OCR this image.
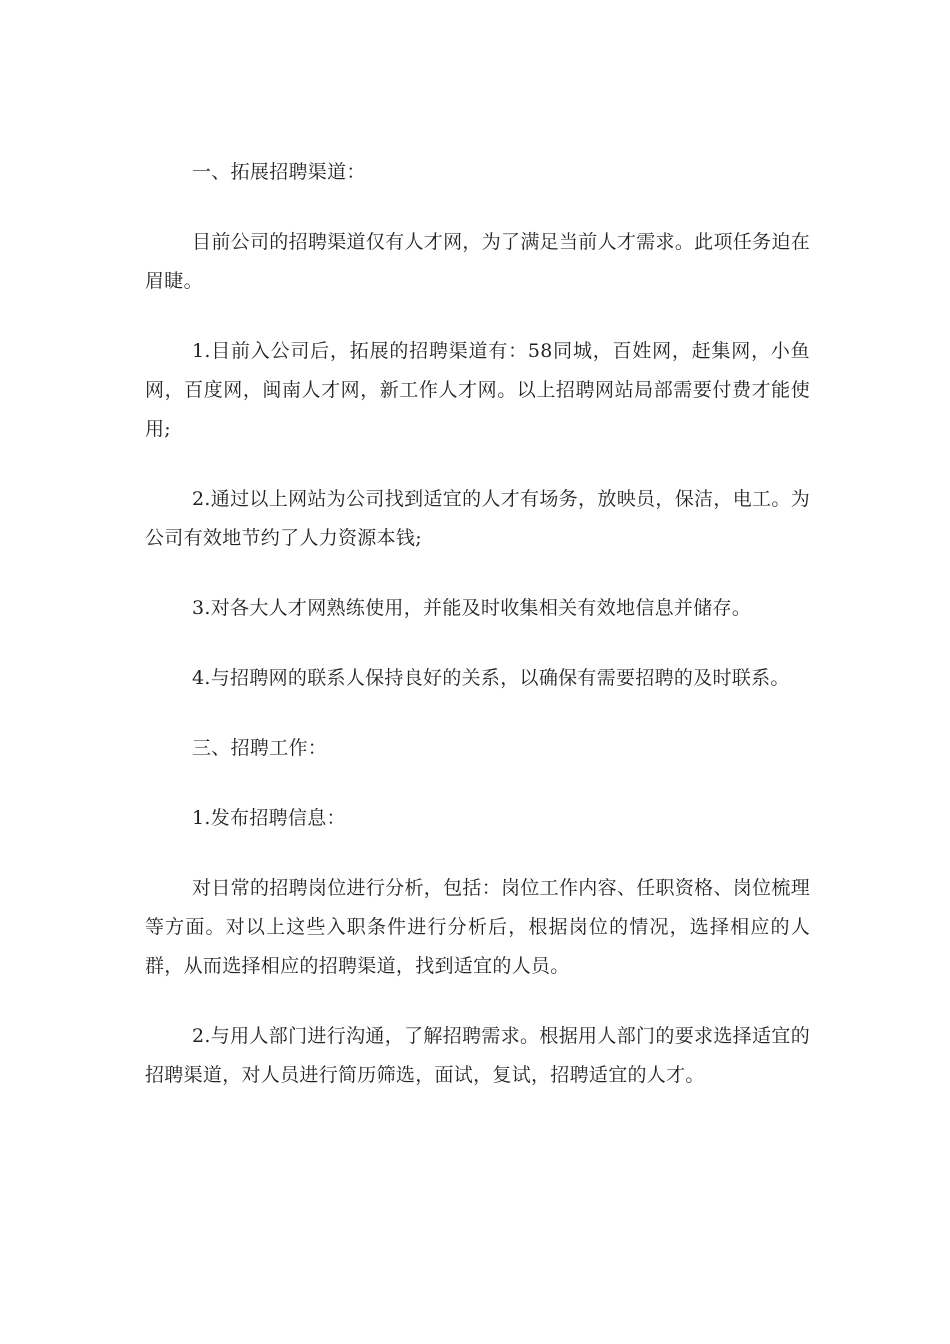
一、拓展招聘渠道：

目前公司的招聘渠道仅有人才网，为了满足当前人才需求。此项任务迫在眉睫。

1.目前入公司后，拓展的招聘渠道有：58同城，百姓网，赶集网，小鱼网，百度网，闽南人才网，新工作人才网。以上招聘网站局部需要付费才能使用;

2.通过以上网站为公司找到适宜的人才有场务，放映员，保洁，电工。为公司有效地节约了人力资源本钱;

3.对各大人才网熟练使用，并能及时收集相关有效地信息并储存。

4.与招聘网的联系人保持良好的关系，以确保有需要招聘的及时联系。

三、招聘工作：

1.发布招聘信息：

对日常的招聘岗位进行分析，包括：岗位工作内容、任职资格、岗位梳理等方面。对以上这些入职条件进行分析后，根据岗位的情况，选择相应的人群，从而选择相应的招聘渠道，找到适宜的人员。

2.与用人部门进行沟通，了解招聘需求。根据用人部门的要求选择适宜的招聘渠道，对人员进行简历筛选，面试，复试，招聘适宜的人才。
